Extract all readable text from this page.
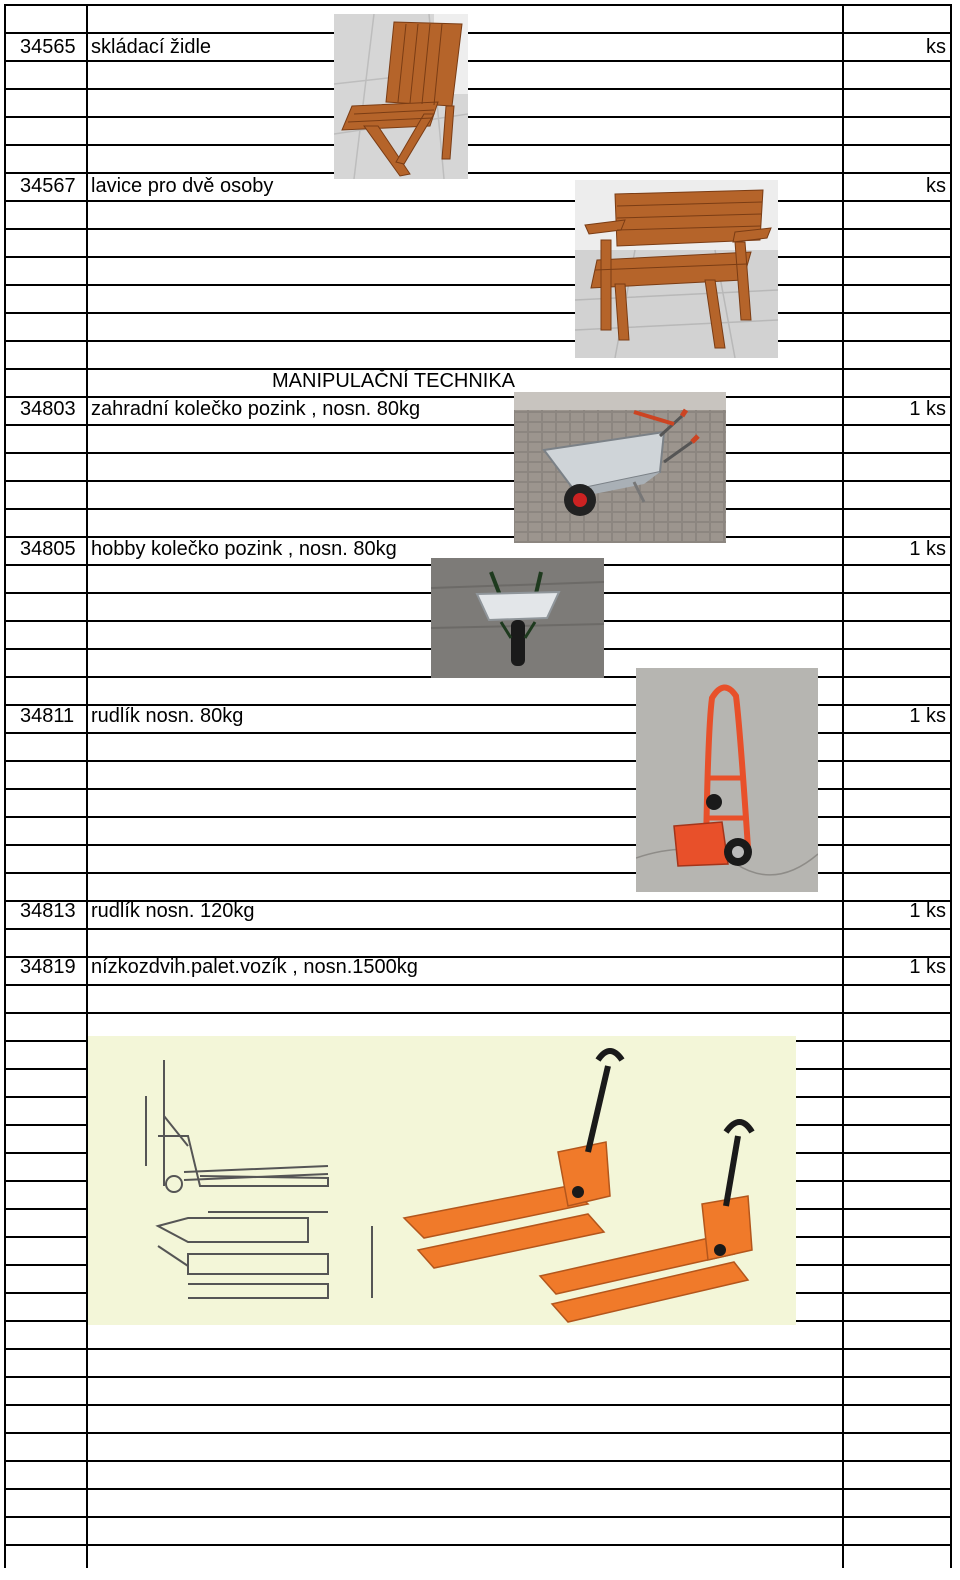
34565 skládací židle	ks
34567 lavice pro dvě osoby	ks
MANIPULAČNÍ TECHNIKA
34803 zahradní kolečko pozink , nosn. 80kg	1 ks
34805 hobby kolečko pozink , nosn. 80kg	1 ks
34811 rudlík nosn. 80kg	1 ks
34813 rudlík nosn. 120kg	1 ks
34819 nízkozdvih.palet.vozík , nosn.1500kg	1 ks
